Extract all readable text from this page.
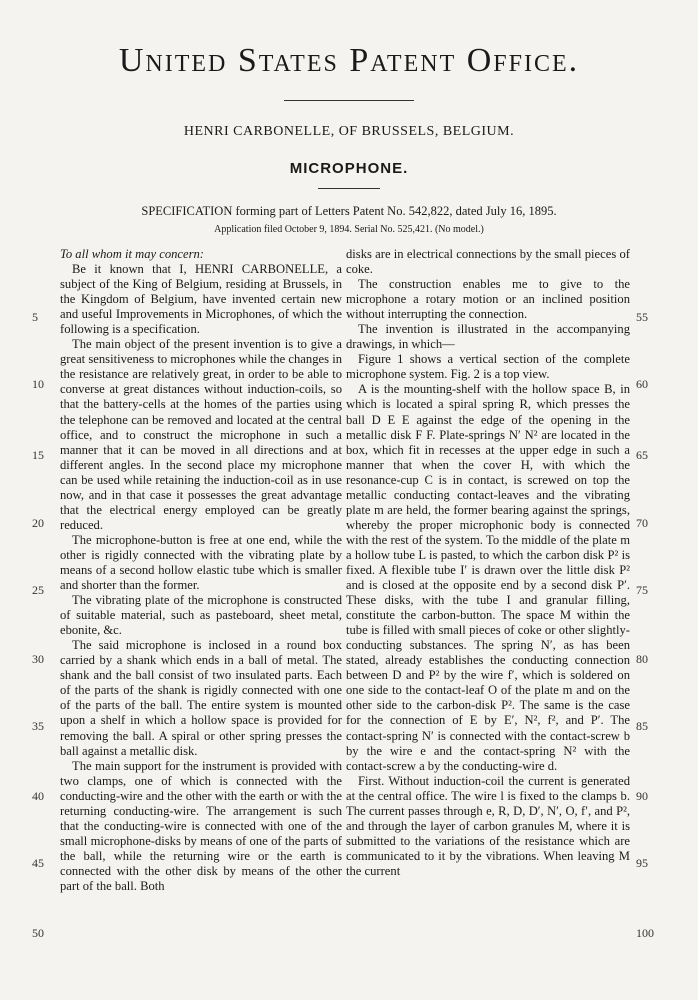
United States Patent Office.
HENRI CARBONELLE, OF BRUSSELS, BELGIUM.
MICROPHONE.
SPECIFICATION forming part of Letters Patent No. 542,822, dated July 16, 1895.
Application filed October 9, 1894. Serial No. 525,421. (No model.)

To all whom it may concern:

Be it known that I, HENRI CARBONELLE, a subject of the King of Belgium, residing at Brussels, in the Kingdom of Belgium, have invented certain new and useful Improvements in Microphones, of which the following is a specification.

The main object of the present invention is to give a great sensitiveness to microphones while the changes in the resistance are relatively great, in order to be able to converse at great distances without induction-coils, so that the battery-cells at the homes of the parties using the telephone can be removed and located at the central office, and to construct the microphone in such a manner that it can be moved in all directions and at different angles. In the second place my microphone can be used while retaining the induction-coil as in use now, and in that case it possesses the great advantage that the electrical energy employed can be greatly reduced.

The microphone-button is free at one end, while the other is rigidly connected with the vibrating plate by means of a second hollow elastic tube which is smaller and shorter than the former.

The vibrating plate of the microphone is constructed of suitable material, such as pasteboard, sheet metal, ebonite, &c.

The said microphone is inclosed in a round box carried by a shank which ends in a ball of metal. The shank and the ball consist of two insulated parts. Each of the parts of the shank is rigidly connected with one of the parts of the ball. The entire system is mounted upon a shelf in which a hollow space is provided for removing the ball. A spiral or other spring presses the ball against a metallic disk.

The main support for the instrument is provided with two clamps, one of which is connected with the conducting-wire and the other with the earth or with the returning conducting-wire. The arrangement is such that the conducting-wire is connected with one of the small microphone-disks by means of one of the parts of the ball, while the returning wire or the earth is connected with the other disk by means of the other part of the ball. Both

disks are in electrical connections by the small pieces of coke.

The construction enables me to give to the microphone a rotary motion or an inclined position without interrupting the connection.

The invention is illustrated in the accompanying drawings, in which—

Figure 1 shows a vertical section of the complete microphone system. Fig. 2 is a top view.

A is the mounting-shelf with the hollow space B, in which is located a spiral spring R, which presses the ball D E E against the edge of the opening in the metallic disk F F. Plate-springs N′ N² are located in the box, which fit in recesses at the upper edge in such a manner that when the cover H, with which the resonance-cup C is in contact, is screwed on top the metallic conducting contact-leaves and the vibrating plate m are held, the former bearing against the springs, whereby the proper microphonic body is connected with the rest of the system. To the middle of the plate m a hollow tube L is pasted, to which the carbon disk P² is fixed. A flexible tube I′ is drawn over the little disk P² and is closed at the opposite end by a second disk P′. These disks, with the tube I and granular filling, constitute the carbon-button. The space M within the tube is filled with small pieces of coke or other slightly-conducting substances. The spring N′, as has been stated, already establishes the conducting connection between D and P² by the wire f′, which is soldered on one side to the contact-leaf O of the plate m and on the other side to the carbon-disk P². The same is the case for the connection of E by E′, N², f², and P′. The contact-spring N′ is connected with the contact-screw b by the wire e and the contact-spring N² with the contact-screw a by the conducting-wire d.

First. Without induction-coil the current is generated at the central office. The wire l is fixed to the clamps b. The current passes through e, R, D, D′, N′, O, f′, and P², and through the layer of carbon granules M, where it is submitted to the variations of the resistance which are communicated to it by the vibrations. When leaving M the current

5
10
15
20
25
30
35
40
45
50
55
60
65
70
75
80
85
90
95
100
